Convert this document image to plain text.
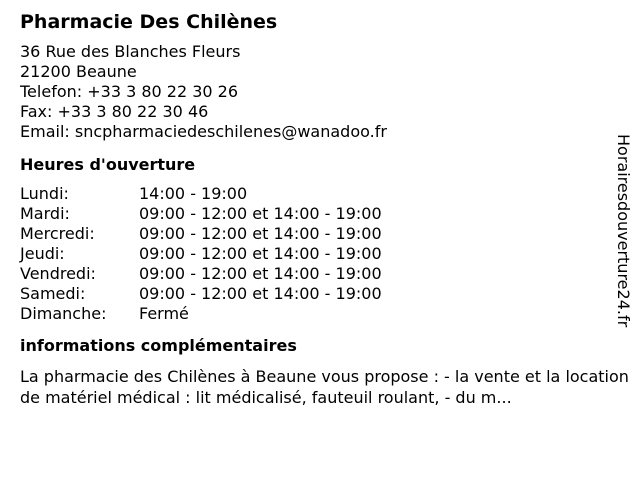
Pharmacie Des Chilènes
36 Rue des Blanches Fleurs
21200 Beaune
Telefon: +33 3 80 22 30 26
Fax: +33 3 80 22 30 46
Email: sncpharmaciedeschilenes@wanadoo.fr
Heures d'ouverture
Lundi:	14:00 - 19:00
Mardi:	09:00 - 12:00 et 14:00 - 19:00
Mercredi:	09:00 - 12:00 et 14:00 - 19:00
Jeudi:	09:00 - 12:00 et 14:00 - 19:00
Vendredi:	09:00 - 12:00 et 14:00 - 19:00
Samedi:	09:00 - 12:00 et 14:00 - 19:00
Dimanche:	Fermé
informations complémentaires
La pharmacie des Chilènes à Beaune vous propose : - la vente et la location de matériel médical : lit médicalisé, fauteuil roulant, - du m...
Horairesdouverture24.fr
